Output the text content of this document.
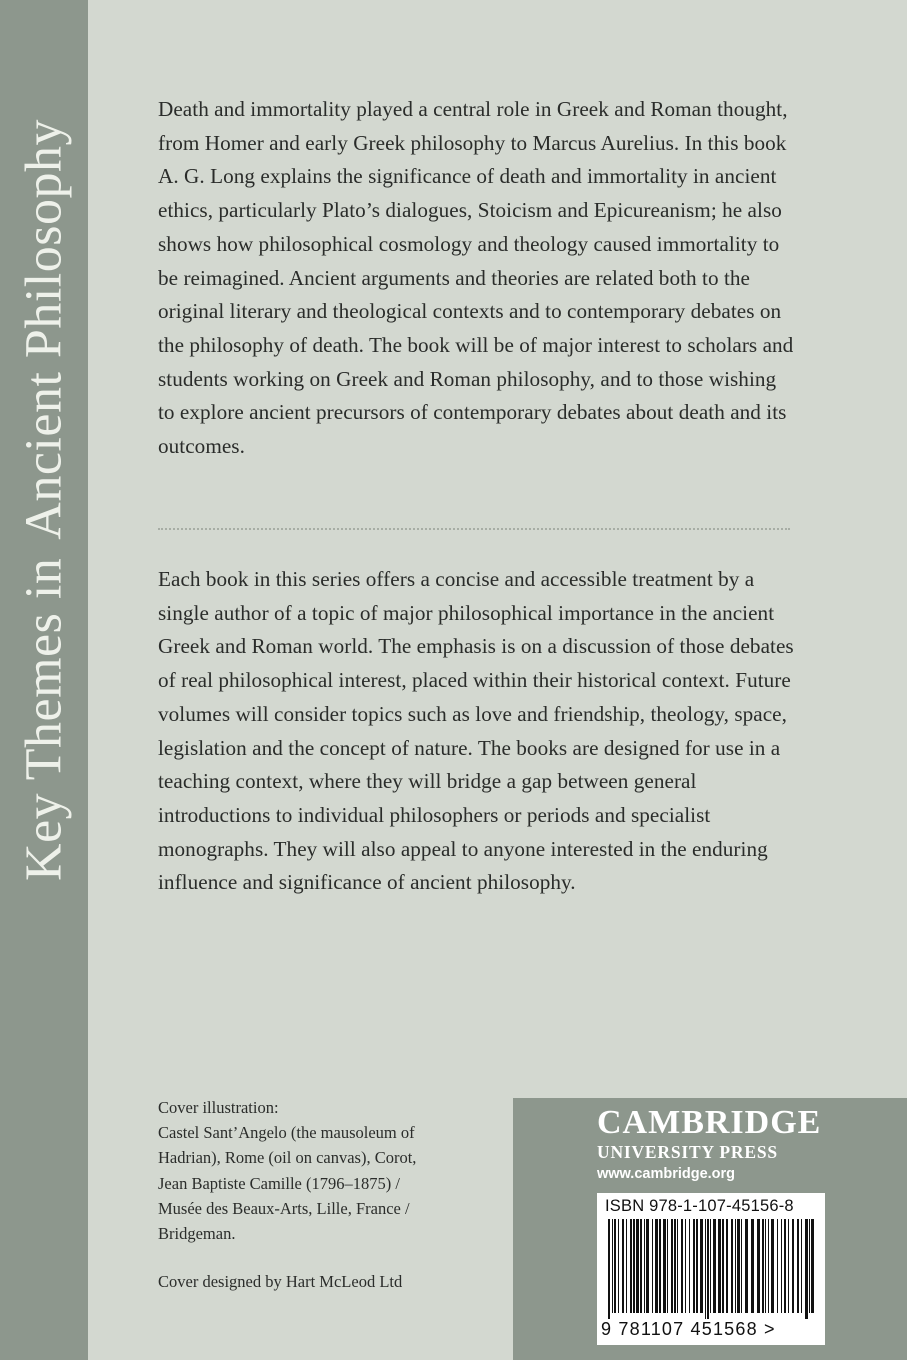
Key Themes inAncient Philosophy

Death and immortality played a central role in Greek and Roman thought, from Homer and early Greek philosophy to Marcus Aurelius. In this book A. G. Long explains the significance of death and immortality in ancient ethics, particularly Plato’s dialogues, Stoicism and Epicureanism; he also shows how philosophical cosmology and theology caused immortality to be reimagined. Ancient arguments and theories are related both to the original literary and theological contexts and to contemporary debates on the philosophy of death. The book will be of major interest to scholars and students working on Greek and Roman philosophy, and to those wishing to explore ancient precursors of contemporary debates about death and its outcomes.

Each book in this series offers a concise and accessible treatment by a single author of a topic of major philosophical importance in the ancient Greek and Roman world. The emphasis is on a discussion of those debates of real philosophical interest, placed within their historical context. Future volumes will consider topics such as love and friendship, theology, space, legislation and the concept of nature. The books are designed for use in a teaching context, where they will bridge a gap between general introductions to individual philosophers or periods and specialist monographs. They will also appeal to anyone interested in the enduring influence and significance of ancient philosophy.

Cover illustration:
Castel Sant’Angelo (the mausoleum of
Hadrian), Rome (oil on canvas), Corot,
Jean Baptiste Camille (1796–1875) /
Musée des Beaux-Arts, Lille, France /
Bridgeman.
Cover designed by Hart McLeod Ltd
CAMBRIDGE
UNIVERSITY PRESS
www.cambridge.org
ISBN 978-1-107-45156-8
9 781107 451568 >
